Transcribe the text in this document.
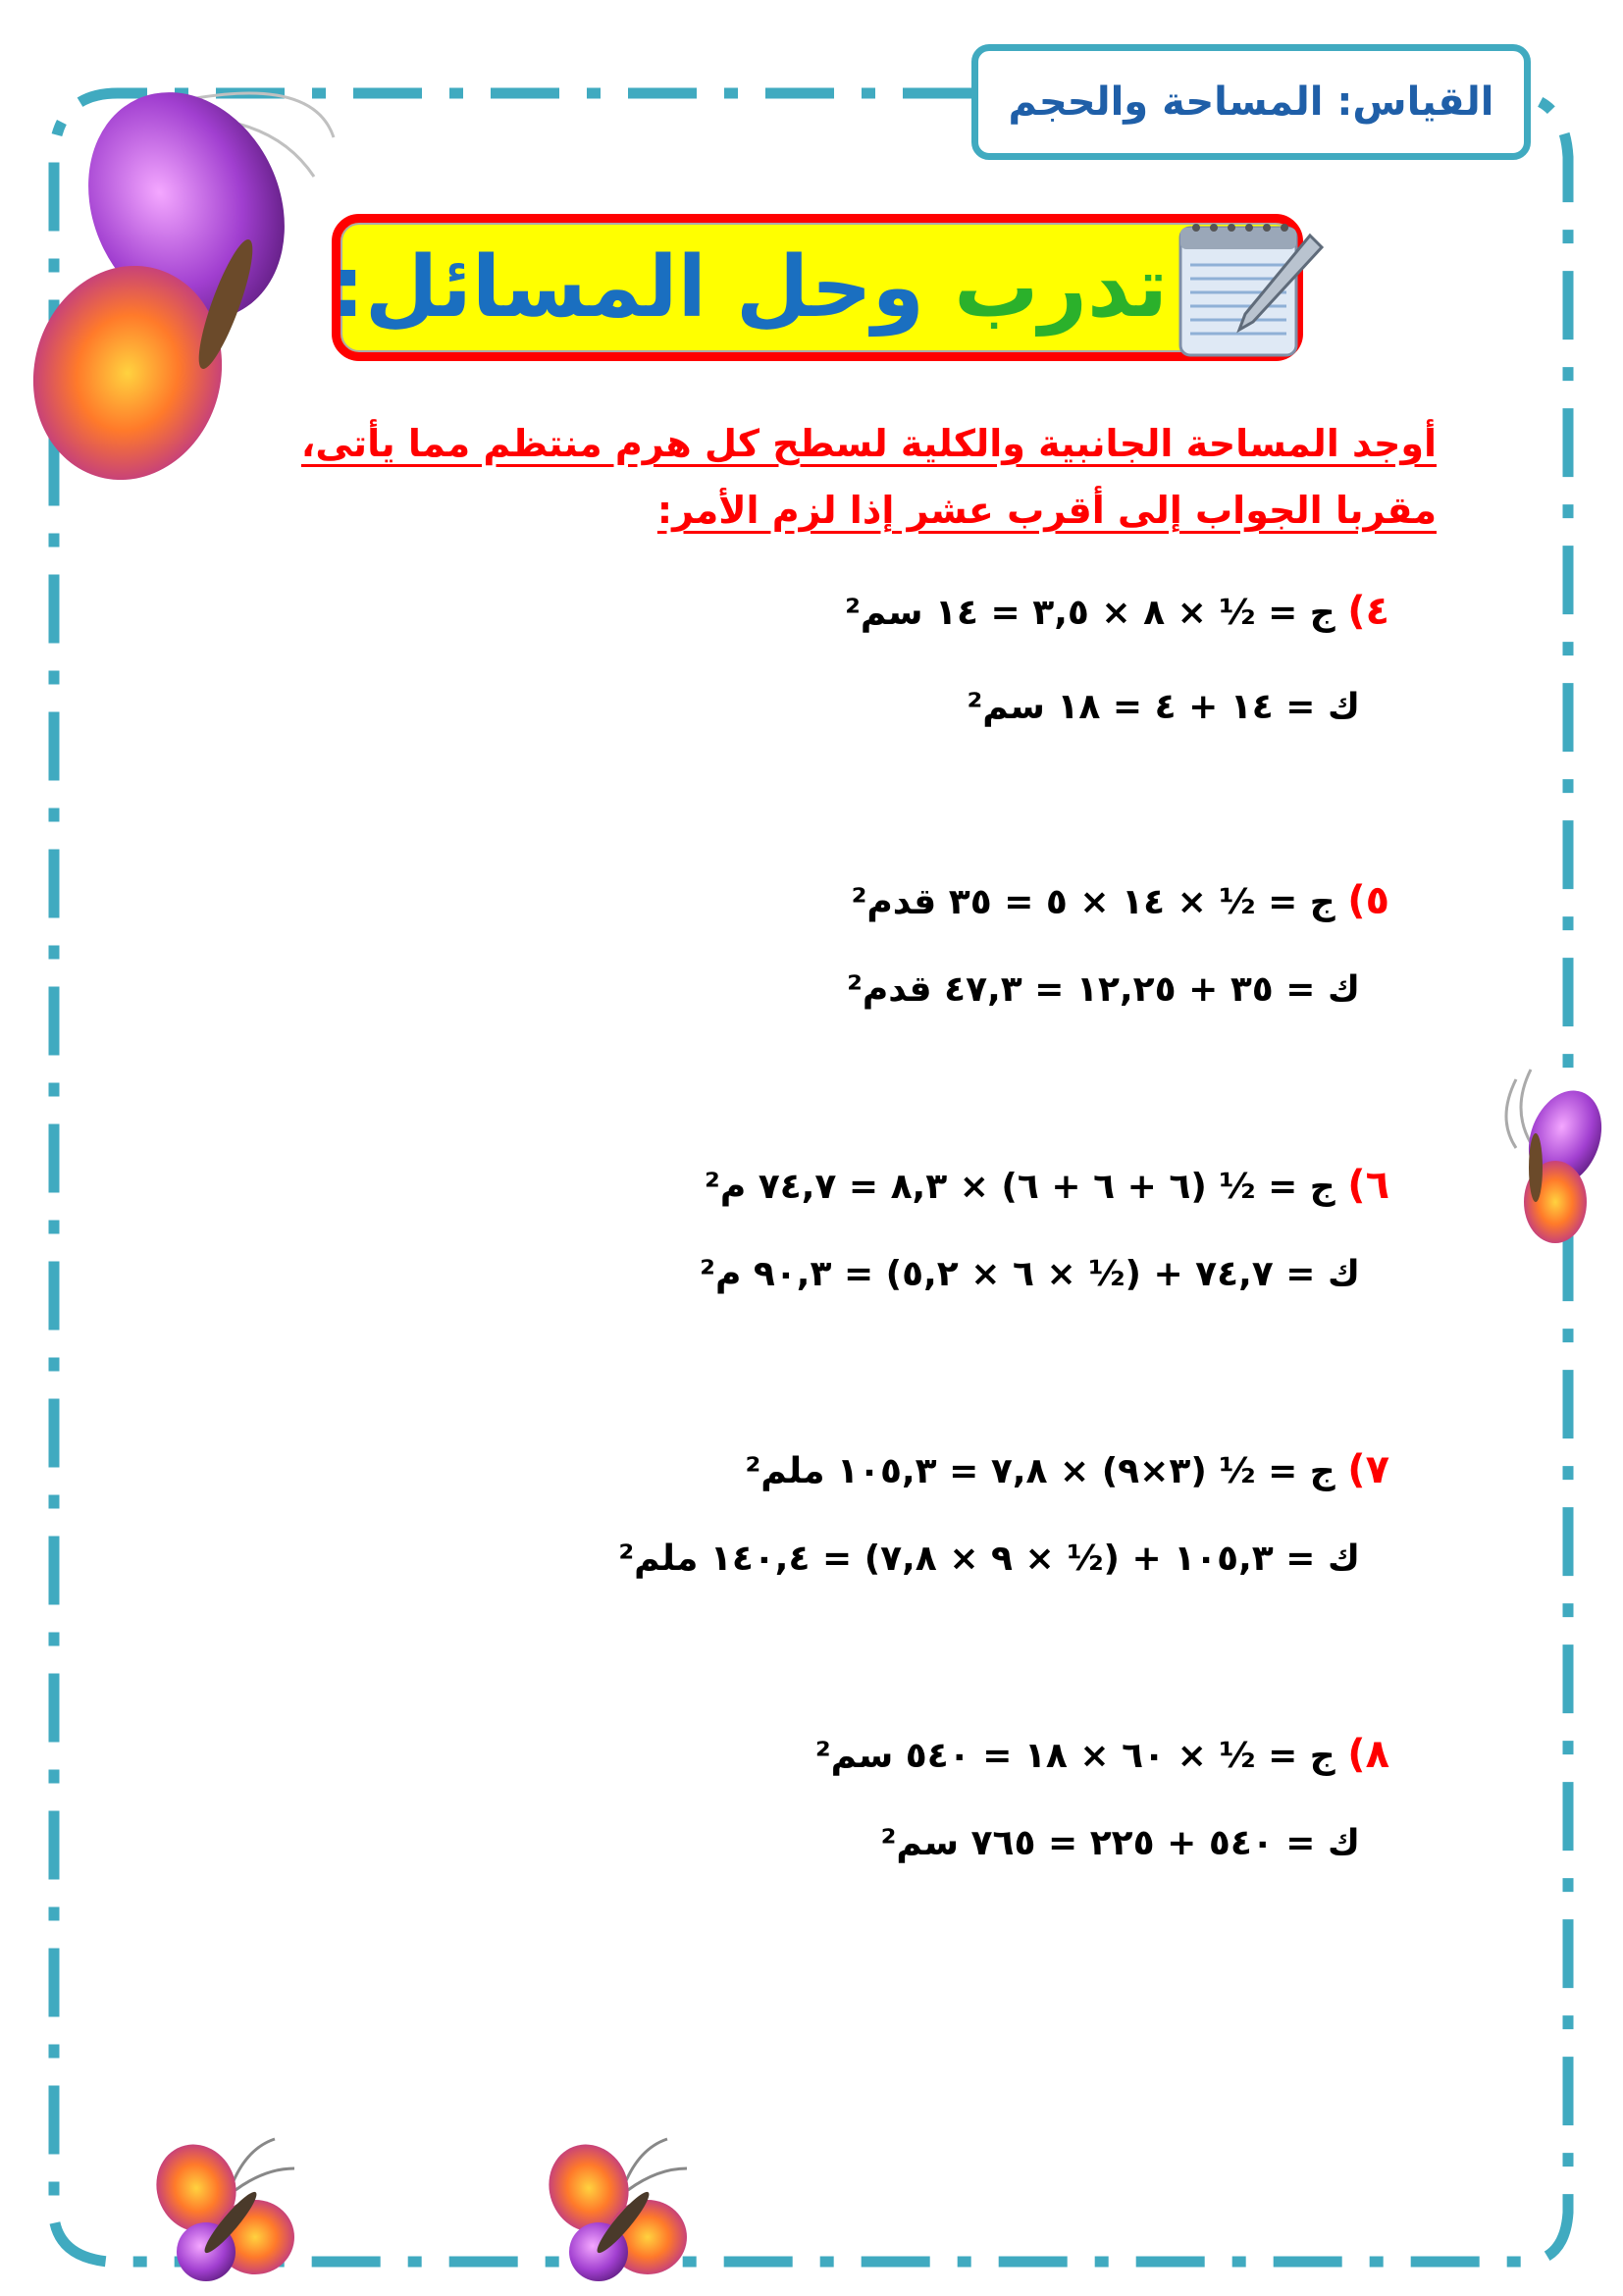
القياس: المساحة والحجم
تدرب وحل المسائل:
أوجد المساحة الجانبية والكلية لسطح كل هرم منتظم مما يأتى، مقربا الجواب إلى أقرب عشر إذا لزم الأمر:
٤) ج = ½ × ٨ × ٣,٥ = ١٤ سم²
ك = ١٤ + ٤ = ١٨ سم²
٥) ج = ½ × ١٤ × ٥ = ٣٥ قدم²
ك = ٣٥ + ١٢,٢٥ = ٤٧,٣ قدم²
٦) ج = ½ (٦ + ٦ + ٦) × ٨,٣ = ٧٤,٧ م²
ك = ٧٤,٧ + (½ × ٦ × ٥,٢) = ٩٠,٣ م²
٧) ج = ½ (٣×٩) × ٧,٨ = ١٠٥,٣ ملم²
ك = ١٠٥,٣ + (½ × ٩ × ٧,٨) = ١٤٠,٤ ملم²
٨) ج = ½ × ٦٠ × ١٨ = ٥٤٠ سم²
ك = ٥٤٠ + ٢٢٥ = ٧٦٥ سم²
